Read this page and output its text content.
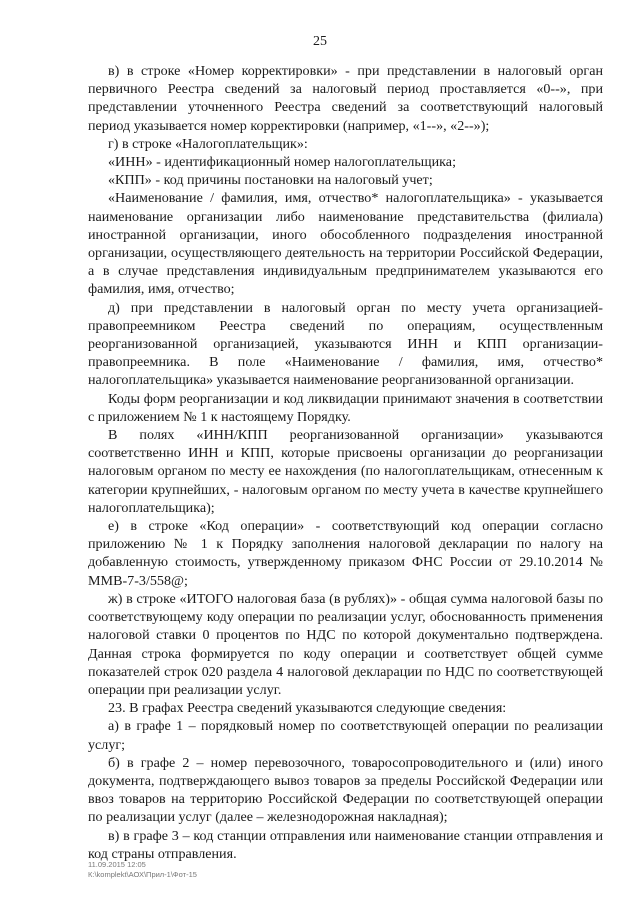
25

в) в строке «Номер корректировки» - при представлении в налоговый орган первичного Реестра сведений за налоговый период проставляется «0--», при представлении уточненного Реестра сведений за соответствующий налоговый период указывается номер корректировки (например, «1--», «2--»);

г) в строке «Налогоплательщик»:

«ИНН» - идентификационный номер налогоплательщика;

«КПП» - код причины постановки на налоговый учет;

«Наименование / фамилия, имя, отчество* налогоплательщика» - указывается наименование организации либо наименование представительства (филиала) иностранной организации, иного обособленного подразделения иностранной организации, осуществляющего деятельность на территории Российской Федерации, а в случае представления индивидуальным предпринимателем указываются его фамилия, имя, отчество;

д) при представлении в налоговый орган по месту учета организацией-правопреемником Реестра сведений по операциям, осуществленным реорганизованной организацией, указываются ИНН и КПП организации-правопреемника. В поле «Наименование / фамилия, имя, отчество* налогоплательщика» указывается наименование реорганизованной организации.

Коды форм реорганизации и код ликвидации принимают значения в соответствии с приложением № 1 к настоящему Порядку.

В полях «ИНН/КПП реорганизованной организации» указываются соответственно ИНН и КПП, которые присвоены организации до реорганизации налоговым органом по месту ее нахождения (по налогоплательщикам, отнесенным к категории крупнейших, - налоговым органом по месту учета в качестве крупнейшего налогоплательщика);

е) в строке «Код операции» - соответствующий код операции согласно приложению № 1 к Порядку заполнения налоговой декларации по налогу на добавленную стоимость, утвержденному приказом ФНС России от 29.10.2014 № ММВ-7-3/558@;

ж) в строке «ИТОГО налоговая база (в рублях)» - общая сумма налоговой базы по соответствующему коду операции по реализации услуг, обоснованность применения налоговой ставки 0 процентов по НДС по которой документально подтверждена. Данная строка формируется по коду операции и соответствует общей сумме показателей строк 020 раздела 4 налоговой декларации по НДС по соответствующей операции при реализации услуг.

23. В графах Реестра сведений указываются следующие сведения:

а) в графе 1 – порядковый номер по соответствующей операции по реализации услуг;

б) в графе 2 – номер перевозочного, товаросопроводительного и (или) иного документа, подтверждающего вывоз товаров за пределы Российской Федерации или ввоз товаров на территорию Российской Федерации по соответствующей операции по реализации услуг (далее – железнодорожная накладная);

в) в графе 3 – код станции отправления или наименование станции отправления и код страны отправления.

11.09.2015 12:05
К:\komplekt\АОХ\Прил-1\Фот-15
